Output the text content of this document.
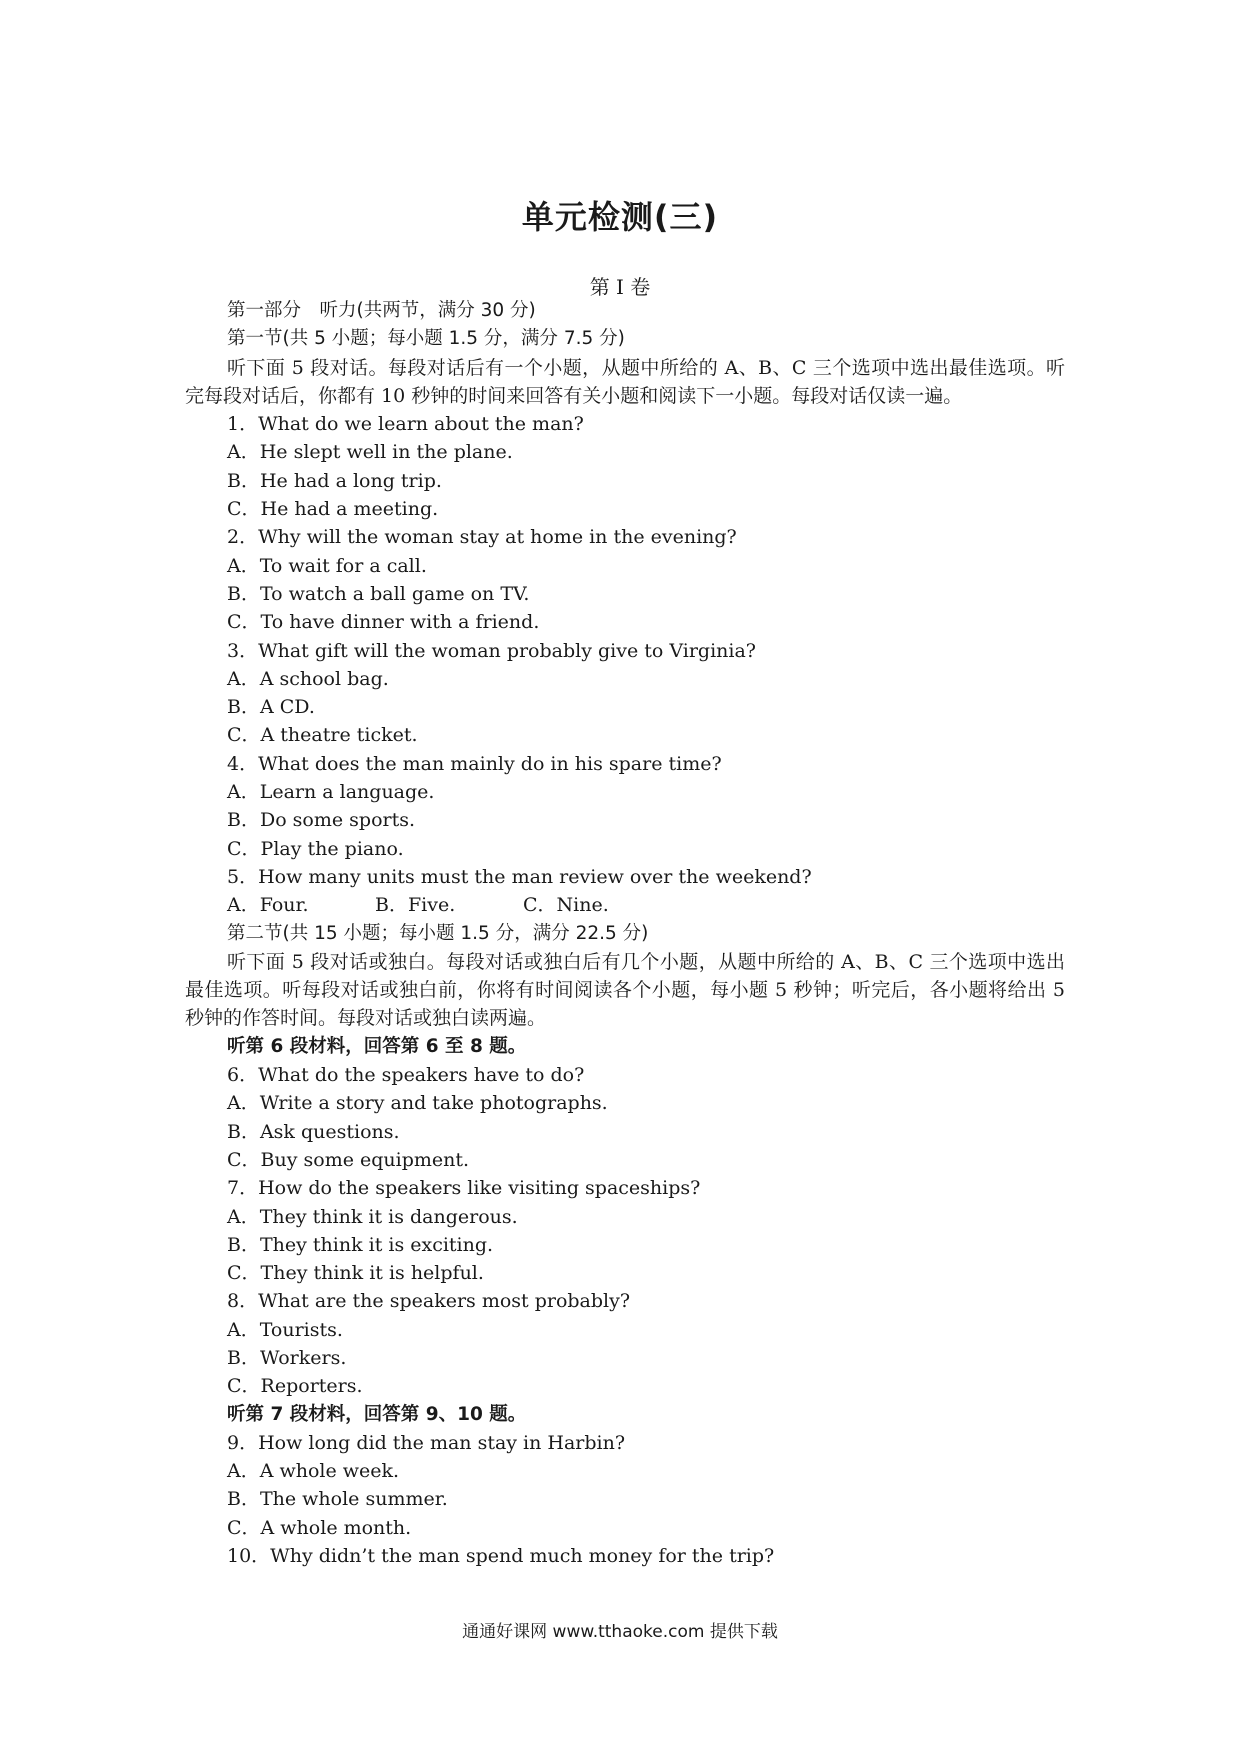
单元检测(三)
第 I 卷
第一部分　听力(共两节，满分 30 分)
第一节(共 5 小题；每小题 1.5 分，满分 7.5 分)
听下面 5 段对话。每段对话后有一个小题，从题中所给的 A、B、C 三个选项中选出最佳选项。听完每段对话后，你都有 10 秒钟的时间来回答有关小题和阅读下一小题。每段对话仅读一遍。
1．What do we learn about the man?
A．He slept well in the plane.
B．He had a long trip.
C．He had a meeting.
2．Why will the woman stay at home in the evening?
A．To wait for a call.
B．To watch a ball game on TV.
C．To have dinner with a friend.
3．What gift will the woman probably give to Virginia?
A．A school bag.
B．A CD.
C．A theatre ticket.
4．What does the man mainly do in his spare time?
A．Learn a language.
B．Do some sports.
C．Play the piano.
5．How many units must the man review over the weekend?
A．Four.	B．Five.	C．Nine.
第二节(共 15 小题；每小题 1.5 分，满分 22.5 分)
听下面 5 段对话或独白。每段对话或独白后有几个小题，从题中所给的 A、B、C 三个选项中选出最佳选项。听每段对话或独白前，你将有时间阅读各个小题，每小题 5 秒钟；听完后，各小题将给出 5 秒钟的作答时间。每段对话或独白读两遍。
听第 6 段材料，回答第 6 至 8 题。
6．What do the speakers have to do?
A．Write a story and take photographs.
B．Ask questions.
C．Buy some equipment.
7．How do the speakers like visiting spaceships?
A．They think it is dangerous.
B．They think it is exciting.
C．They think it is helpful.
8．What are the speakers most probably?
A．Tourists.
B．Workers.
C．Reporters.
听第 7 段材料，回答第 9、10 题。
9．How long did the man stay in Harbin?
A．A whole week.
B．The whole summer.
C．A whole month.
10．Why didn’t the man spend much money for the trip?
通通好课网 www.tthaoke.com 提供下载
